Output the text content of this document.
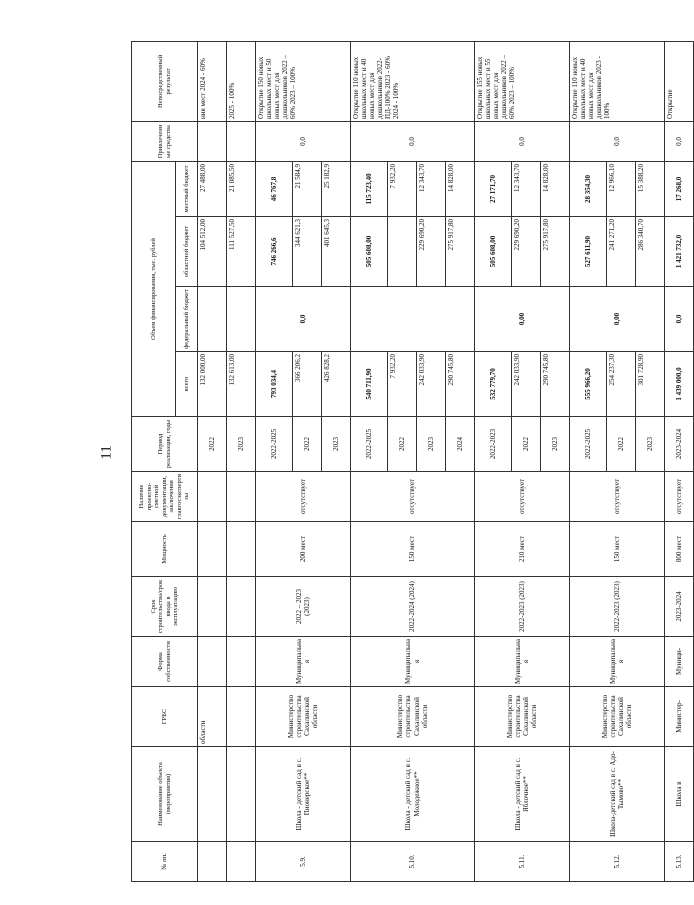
11
№ пп.	Наименование объекта (мероприятия)	ГРБС	Форма собственности	Срок строительства/срок ввода в эксплуатацию	Мощность	Наличие проектно-сметной документации, заключения главгосэкспертизы	Период реализации, годы	Объем финансирования, тыс. рублей				Привлеченные средства	Непосредственный результат
								всего	федеральный бюджет	областной бюджет	местный бюджет		
		области					2022	132 000,00		104 512,00	27 488,00		ния мест 2024 - 60%
							2023	132 613,00		111 527,50	21 085,50		2025 - 100%
5.9.	Школа - детский сад в с. Пионерское**	Министерство строительства Сахалинской области	Муниципальная	2022 – 2023 (2023)	200 мест	отсутствует	2022-2025	793 034,4	0,0	746 266,6	46 767,8	0,0	Открытие 150 новых школьных мест и 50 новых мест для дошкольников 2022 – 60% 2023 – 100%
							2022	366 206,2		344 621,3	21 584,9		
							2023	426 828,2		401 645,3	25 182,9		
5.10.	Школа - детский сад в с. Молодежное**	Министерство строительства Сахалинской области	Муниципальная	2022-2024 (2024)	150 мест	отсутствует	2022-2025	540 711,90		505 608,00	115 723,40	0,0	Открытие 110 новых школьных мест и 40 новых мест для дошкольников 2022-ПД-100% 2023 - 60% 2024 - 100%
							2022	7 932,20			7 932,20		
							2023	242 033,90		229 690,20	12 343,70		
							2024	290 745,80		275 917,80	14 828,00		
5.11.	Школа - детский сад в с. Яблочное**	Министерство строительства Сахалинской области	Муниципальная	2022-2023 (2023)	210 мест	отсутствует	2022-2023	532 779,70	0,00	505 608,00	27 171,70	0,0	Открытие 155 новых школьных мест и 55 новых мест для дошкольников 2022 – 60% 2023 – 100%
							2022	242 033,90		229 690,20	12 343,70		
							2023	290 745,80		275 917,80	14 828,00		
5.12.	Школа-детский сад в с. Адо-Тымово**	Министерство строительства Сахалинской области	Муниципальная	2022-2023 (2023)	150 мест	отсутствует	2022-2025	555 966,20	0,00	527 611,90	28 354,30	0,0	Открытие 110 новых школьных мест и 40 новых мест для дошкольников 2023 - 100%
							2022	254 237,30		241 271,20	12 966,10		
							2023	301 728,90		286 340,70	15 388,20		
5.13.	Школа в	Министер-	Муници-	2023-2024	800 мест	отсутствует	2023-2024	1 439 000,0	0,0	1 421 732,0	17 268,0	0,0	Открытие
